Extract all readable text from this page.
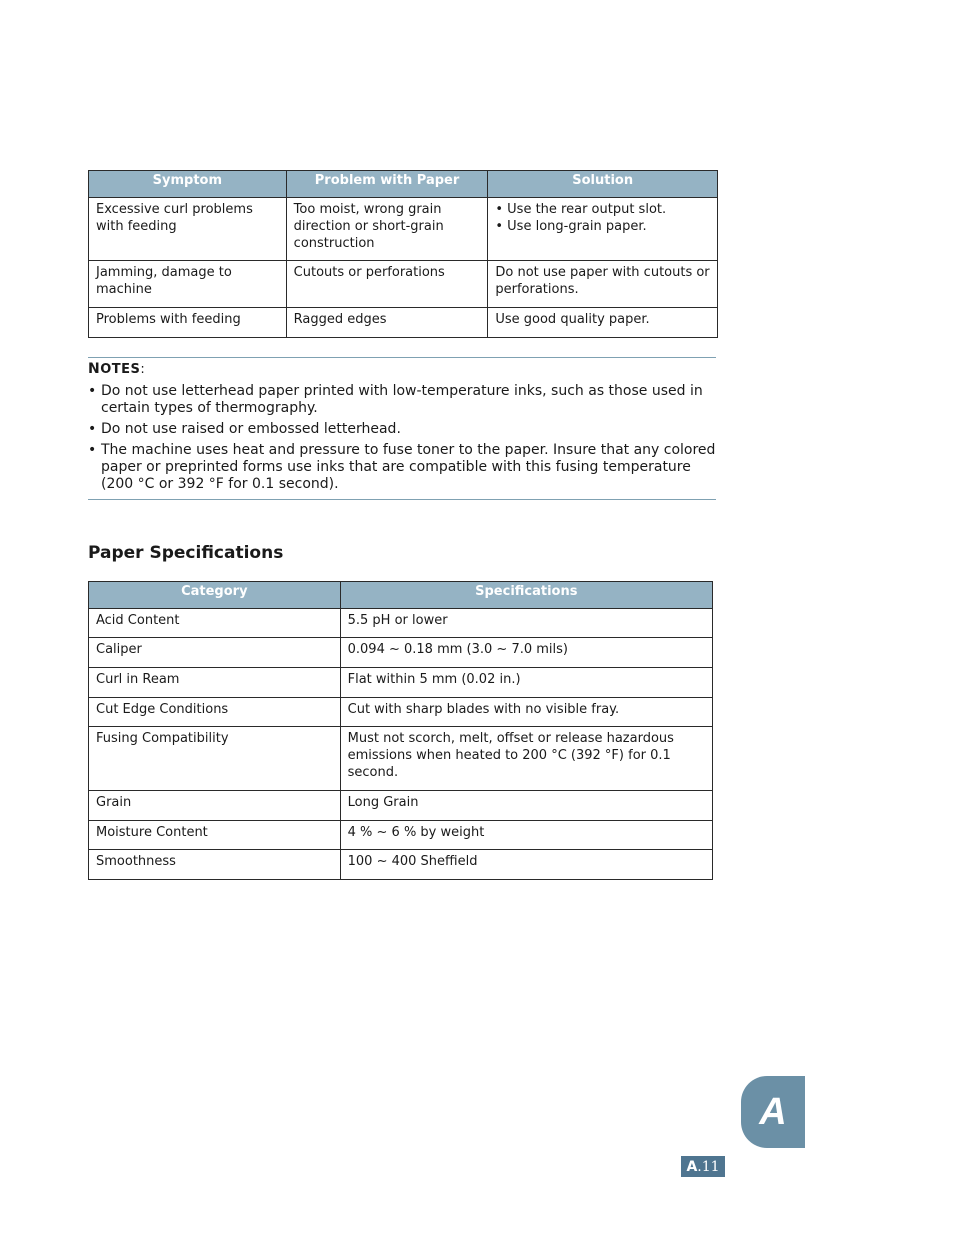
Symptom	Problem with Paper	Solution
Excessive curl problems with feeding	Too moist, wrong grain direction or short-grain construction	• Use the rear output slot.
• Use long-grain paper.

Jamming, damage to machine	Cutouts or perforations	Do not use paper with cutouts or perforations.

Problems with feeding	Ragged edges	Use good quality paper.
NOTES:
• Do not use letterhead paper printed with low-temperature inks, such as those used in certain types of thermography.
• Do not use raised or embossed letterhead.
• The machine uses heat and pressure to fuse toner to the paper. Insure that any colored paper or preprinted forms use inks that are compatible with this fusing temperature (200 °C or 392 °F for 0.1 second).
Paper Specifications
Category	Specifications
Acid Content	5.5 pH or lower
Caliper	0.094 ~ 0.18 mm (3.0 ~ 7.0 mils)
Curl in Ream	Flat within 5 mm (0.02 in.)
Cut Edge Conditions	Cut with sharp blades with no visible fray.
Fusing Compatibility	Must not scorch, melt, offset or release hazardous emissions when heated to 200 °C (392 °F) for 0.1 second.
Grain	Long Grain
Moisture Content	4 % ~ 6 % by weight
Smoothness	100 ~ 400 Sheffield
A
A . 11
